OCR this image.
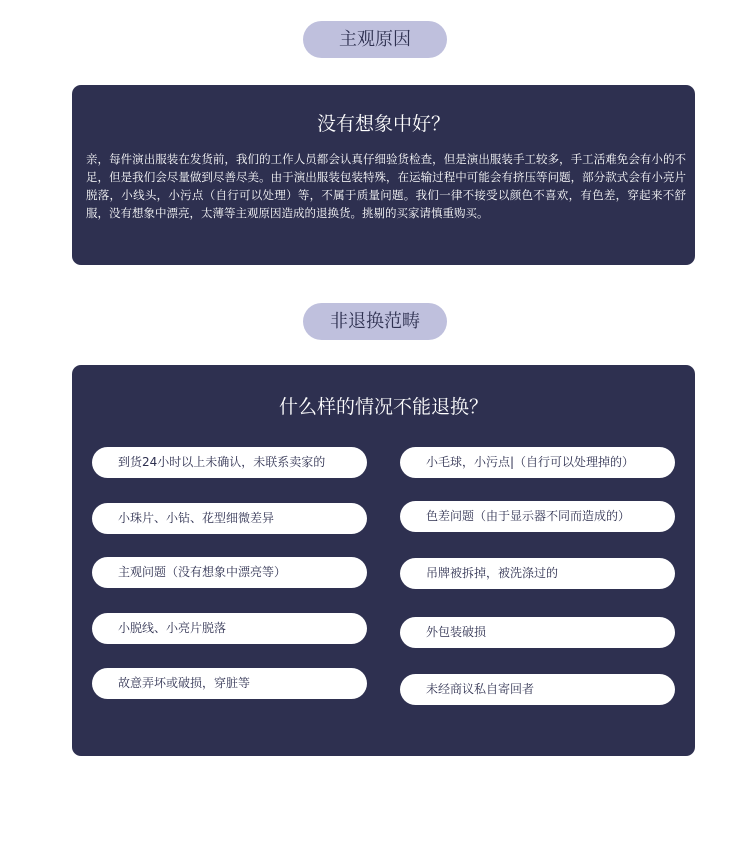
主观原因
没有想象中好？
亲，每件演出服装在发货前，我们的工作人员都会认真仔细验货检查，但是演出服装手工较多，手工活难免会有小的不足，但是我们会尽量做到尽善尽美。由于演出服装包装特殊，在运输过程中可能会有挤压等问题，部分款式会有小亮片脱落，小线头，小污点（自行可以处理）等，不属于质量问题。我们一律不接受以颜色不喜欢，有色差，穿起来不舒服，没有想象中漂亮，太薄等主观原因造成的退换货。挑剔的买家请慎重购买。
非退换范畴
什么样的情况不能退换？
到货24小时以上未确认，未联系卖家的
小珠片、小钻、花型细微差异
主观问题（没有想象中漂亮等）
小脱线、小亮片脱落
故意弄坏或破损，穿脏等
小毛球，小污点|（自行可以处理掉的）
色差问题（由于显示器不同而造成的）
吊牌被拆掉，被洗涤过的
外包装破损
未经商议私自寄回者
